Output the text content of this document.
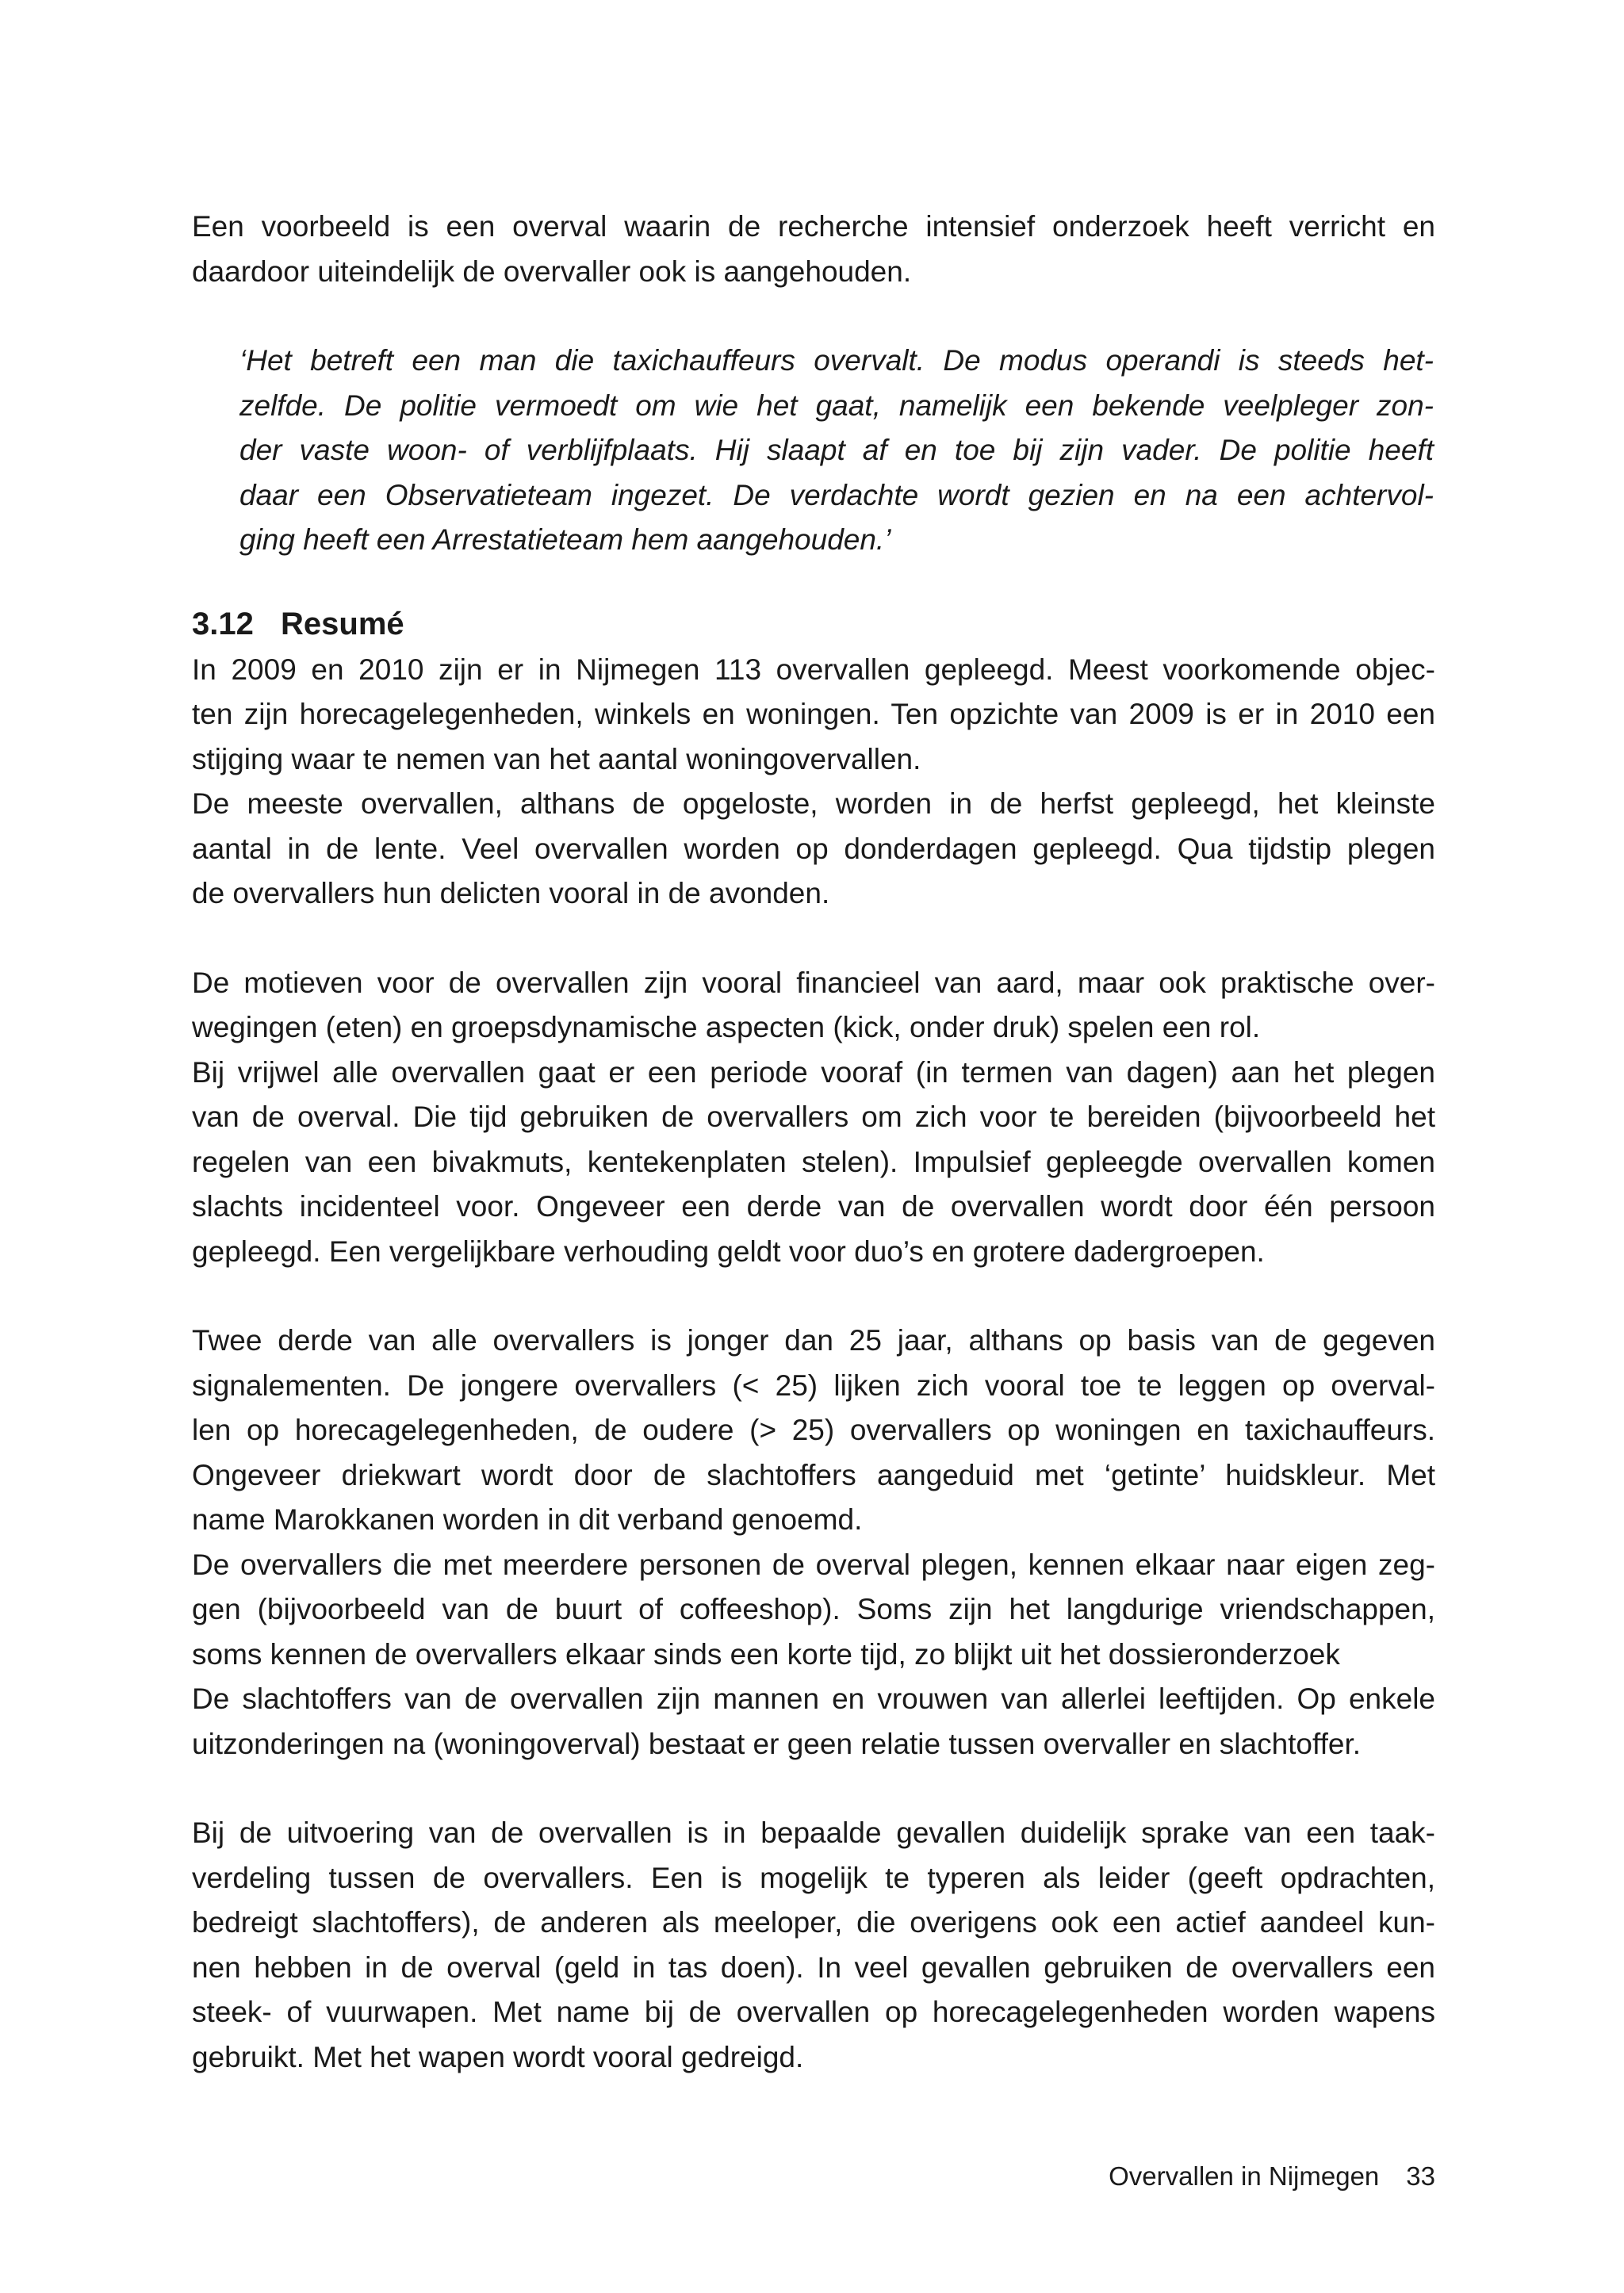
Een voorbeeld is een overval waarin de recherche intensief onderzoek heeft verricht en
daardoor uiteindelijk de overvaller ook is aangehouden.

‘Het betreft een man die taxichauffeurs overvalt. De modus operandi is steeds het-
zelfde. De politie vermoedt om wie het gaat, namelijk een bekende veelpleger zon-
der vaste woon- of verblijfplaats. Hij slaapt af en toe bij zijn vader. De politie heeft
daar een Observatieteam ingezet. De verdachte wordt gezien en na een achtervol-
ging heeft een Arrestatieteam hem aangehouden.’
3.12 Resumé

In 2009 en 2010 zijn er in Nijmegen 113 overvallen gepleegd. Meest voorkomende objec-
ten zijn horecagelegenheden, winkels en woningen. Ten opzichte van 2009 is er in 2010 een
stijging waar te nemen van het aantal woningovervallen.
De meeste overvallen, althans de opgeloste, worden in de herfst gepleegd, het kleinste
aantal in de lente. Veel overvallen worden op donderdagen gepleegd. Qua tijdstip plegen
de overvallers hun delicten vooral in de avonden.

De motieven voor de overvallen zijn vooral financieel van aard, maar ook praktische over-
wegingen (eten) en groepsdynamische aspecten (kick, onder druk) spelen een rol.
Bij vrijwel alle overvallen gaat er een periode vooraf (in termen van dagen) aan het plegen
van de overval. Die tijd gebruiken de overvallers om zich voor te bereiden (bijvoorbeeld het
regelen van een bivakmuts, kentekenplaten stelen). Impulsief gepleegde overvallen komen
slachts incidenteel voor. Ongeveer een derde van de overvallen wordt door één persoon
gepleegd. Een vergelijkbare verhouding geldt voor duo’s en grotere dadergroepen.

Twee derde van alle overvallers is jonger dan 25 jaar, althans op basis van de gegeven
signalementen. De jongere overvallers (< 25) lijken zich vooral toe te leggen op overval-
len op horecagelegenheden, de oudere (> 25) overvallers op woningen en taxichauffeurs.
Ongeveer driekwart wordt door de slachtoffers aangeduid met ‘getinte’ huidskleur. Met
name Marokkanen worden in dit verband genoemd.
De overvallers die met meerdere personen de overval plegen, kennen elkaar naar eigen zeg-
gen (bijvoorbeeld van de buurt of coffeeshop). Soms zijn het langdurige vriendschappen,
soms kennen de overvallers elkaar sinds een korte tijd, zo blijkt uit het dossieronderzoek
De slachtoffers van de overvallen zijn mannen en vrouwen van allerlei leeftijden. Op enkele
uitzonderingen na (woningoverval) bestaat er geen relatie tussen overvaller en slachtoffer.

Bij de uitvoering van de overvallen is in bepaalde gevallen duidelijk sprake van een taak-
verdeling tussen de overvallers. Een is mogelijk te typeren als leider (geeft opdrachten,
bedreigt slachtoffers), de anderen als meeloper, die overigens ook een actief aandeel kun-
nen hebben in de overval (geld in tas doen). In veel gevallen gebruiken de overvallers een
steek- of vuurwapen. Met name bij de overvallen op horecagelegenheden worden wapens
gebruikt. Met het wapen wordt vooral gedreigd.

Overvallen in Nijmegen 33
